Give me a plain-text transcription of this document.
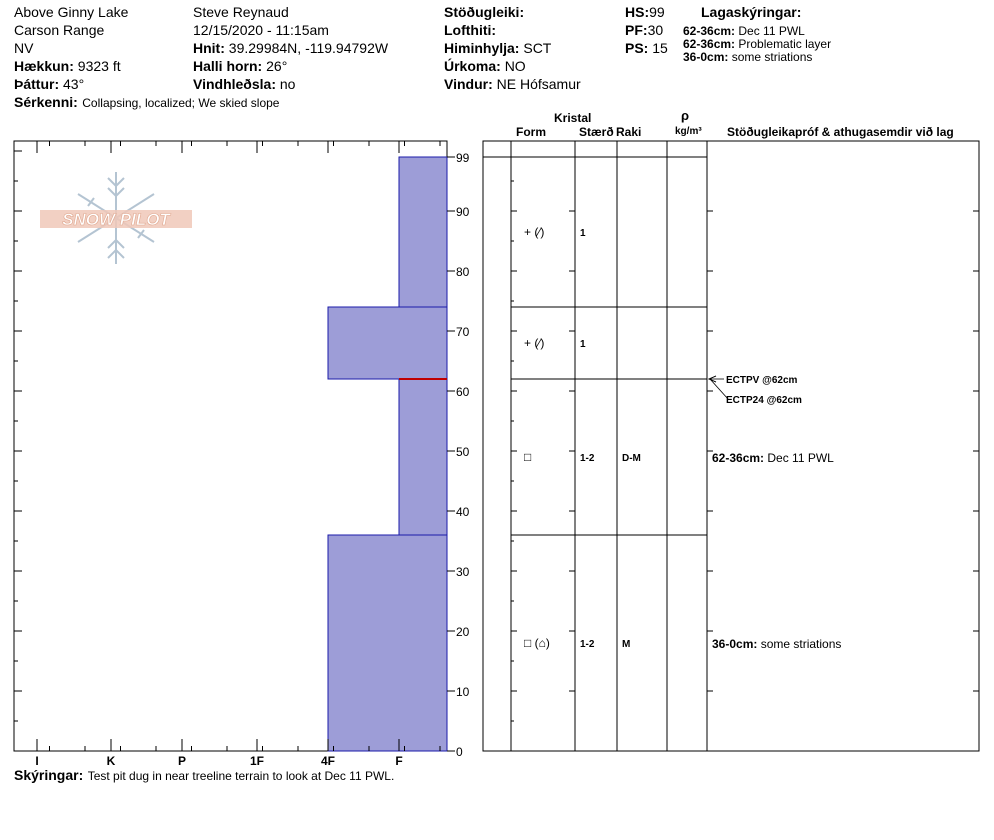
Above Ginny Lake
Carson Range
NV
Hækkun: 9323 ft
Þáttur: 43°
Sérkenni: Collapsing, localized; We skied slope
Steve Reynaud
12/15/2020 - 11:15am
Hnit: 39.29984N, -119.94792W
Halli horn: 26°
Vindhleðsla: no
Stöðugleiki:
Lofthiti:
Himinhylja: SCT
Úrkoma: NO
Vindur: NE Hófsamur
HS:99
PF:30
PS: 15
Lagaskýringar:
62-36cm: Dec 11 PWL
62-36cm: Problematic layer
36-0cm: some striations
I	K	P	1F	4F	F
0
10
20
30
40
50
60
70
80
90
99
Kristal
Form	Stærð Raki
ρ
kg/m³ Stöðugleikapróf & athugasemdir við lag
+ (⁄)	1
+ (⁄)	1
□	1-2	D-M	62-36cm: Dec 11 PWL
□ (⌂)	1-2	M	36-0cm: some striations
ECTPV @62cm
ECTP24 @62cm
SNOW PILOT
Skýringar: Test pit dug in near treeline terrain to look at Dec 11 PWL.
